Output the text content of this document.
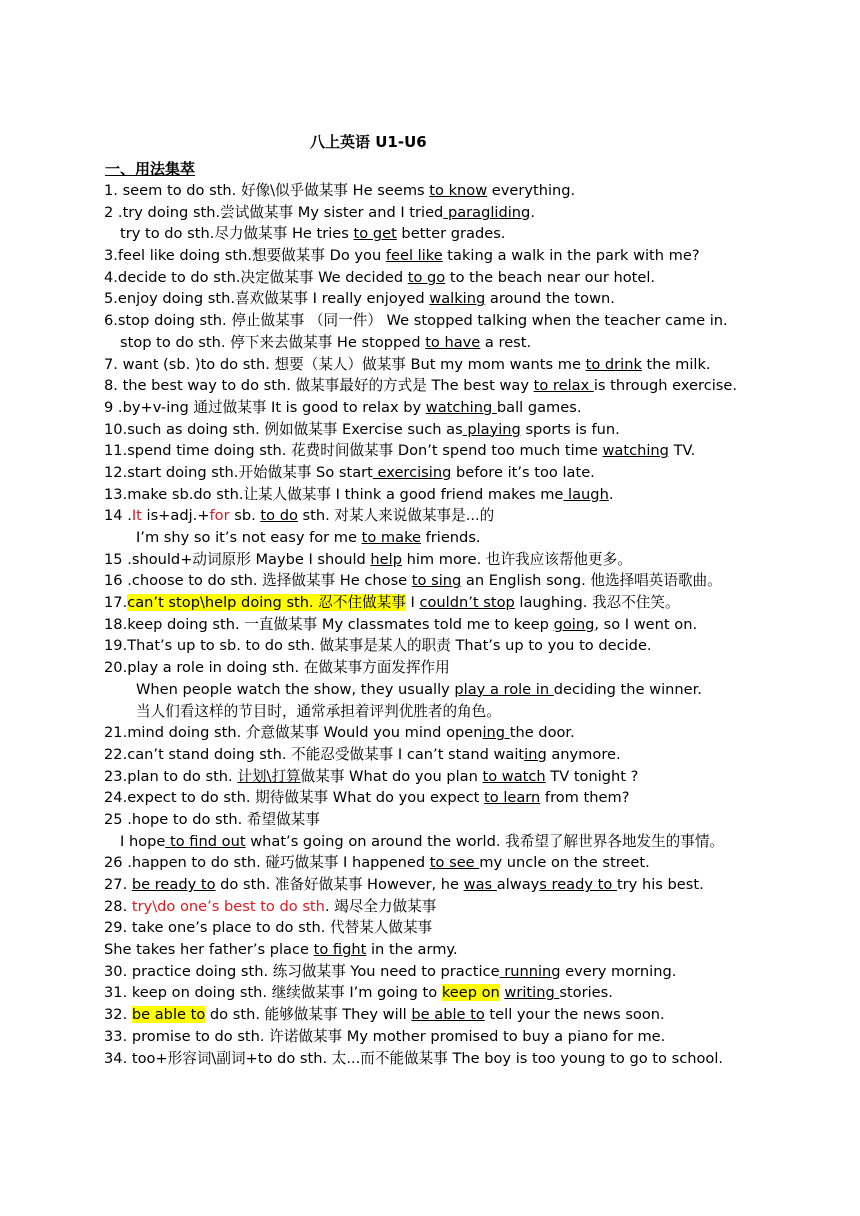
八上英语 U1-U6
一、用法集萃
1. seem to do sth. 好像\似乎做某事 He seems to know everything.
2 .try doing sth.尝试做某事 My sister and I tried paragliding.
try to do sth.尽力做某事 He tries to get better grades.
3.feel like doing sth.想要做某事 Do you feel like taking a walk in the park with me?
4.decide to do sth.决定做某事 We decided to go to the beach near our hotel.
5.enjoy doing sth.喜欢做某事 I really enjoyed walking around the town.
6.stop doing sth. 停止做某事 （同一件） We stopped talking when the teacher came in.
stop to do sth. 停下来去做某事 He stopped to have a rest.
7. want (sb. )to do sth. 想要（某人）做某事 But my mom wants me to drink the milk.
8. the best way to do sth. 做某事最好的方式是 The best way to relax is through exercise.
9 .by+v-ing 通过做某事 It is good to relax by watching ball games.
10.such as doing sth. 例如做某事 Exercise such as playing sports is fun.
11.spend time doing sth. 花费时间做某事 Don’t spend too much time watching TV.
12.start doing sth.开始做某事 So start exercising before it’s too late.
13.make sb.do sth.让某人做某事 I think a good friend makes me laugh.
14 .It is+adj.+for sb. to do sth. 对某人来说做某事是...的
I’m shy so it’s not easy for me to make friends.
15 .should+动词原形 Maybe I should help him more. 也许我应该帮他更多。
16 .choose to do sth. 选择做某事 He chose to sing an English song. 他选择唱英语歌曲。
17.can’t stop\help doing sth. 忍不住做某事 I couldn’t stop laughing. 我忍不住笑。
18.keep doing sth. 一直做某事 My classmates told me to keep going, so I went on.
19.That’s up to sb. to do sth. 做某事是某人的职责 That’s up to you to decide.
20.play a role in doing sth. 在做某事方面发挥作用
When people watch the show, they usually play a role in deciding the winner.
当人们看这样的节目时，通常承担着评判优胜者的角色。
21.mind doing sth. 介意做某事 Would you mind opening the door.
22.can’t stand doing sth. 不能忍受做某事 I can’t stand waiting anymore.
23.plan to do sth. 计划\打算做某事 What do you plan to watch TV tonight ?
24.expect to do sth. 期待做某事 What do you expect to learn from them?
25 .hope to do sth. 希望做某事
I hope to find out what’s going on around the world. 我希望了解世界各地发生的事情。
26 .happen to do sth. 碰巧做某事 I happened to see my uncle on the street.
27. be ready to do sth. 准备好做某事 However, he was always ready to try his best.
28. try\do one’s best to do sth. 竭尽全力做某事
29. take one’s place to do sth. 代替某人做某事
She takes her father’s place to fight in the army.
30. practice doing sth. 练习做某事 You need to practice running every morning.
31. keep on doing sth. 继续做某事 I’m going to keep on writing stories.
32. be able to do sth. 能够做某事 They will be able to tell your the news soon.
33. promise to do sth. 许诺做某事 My mother promised to buy a piano for me.
34. too+形容词\副词+to do sth. 太...而不能做某事 The boy is too young to go to school.
